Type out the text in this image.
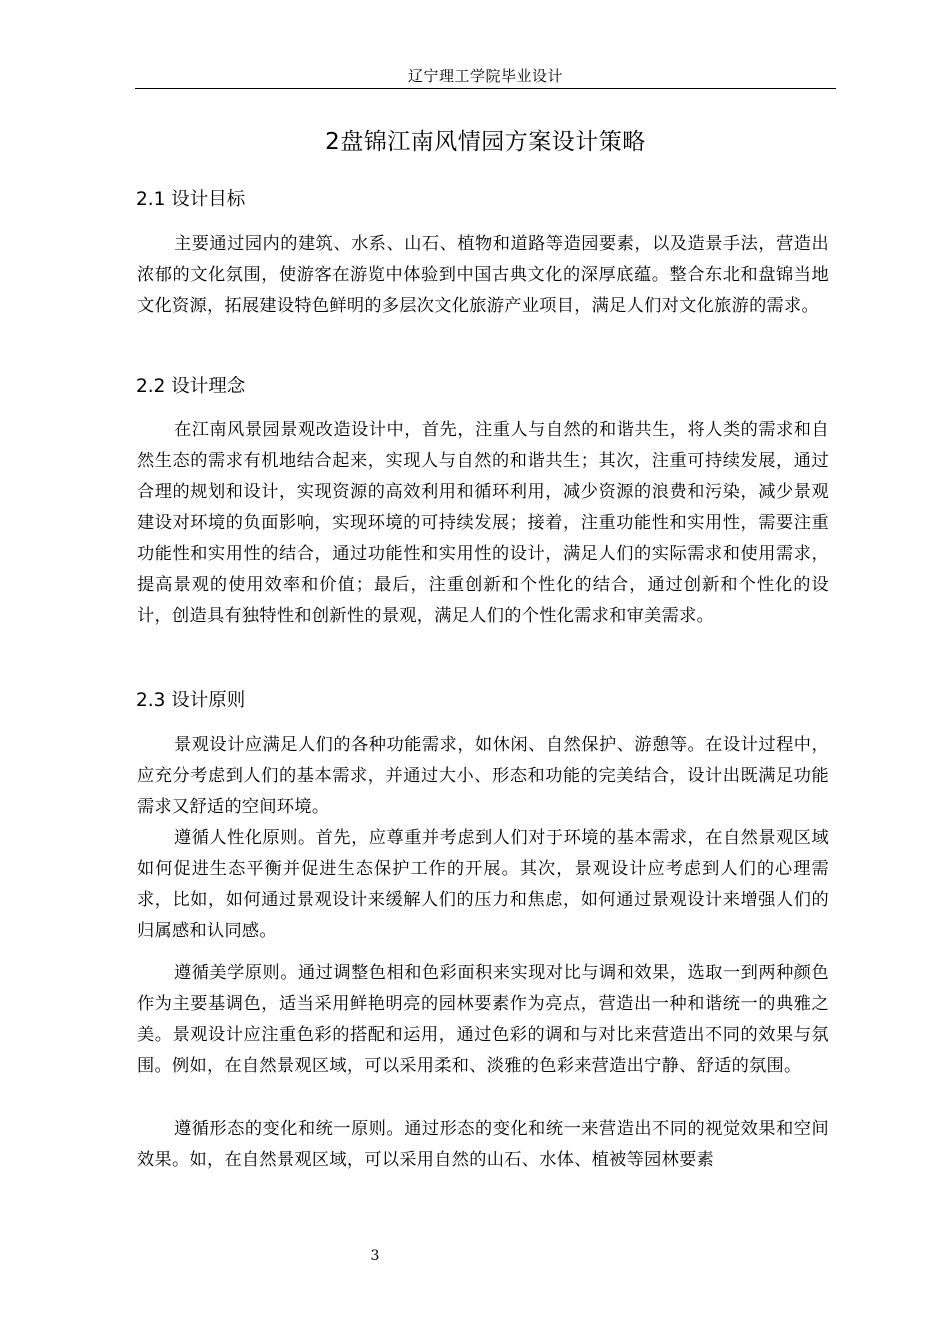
辽宁理工学院毕业设计
2盘锦江南风情园方案设计策略
2.1 设计目标

主要通过园内的建筑、水系、山石、植物和道路等造园要素，以及造景手法，营造出浓郁的文化氛围，使游客在游览中体验到中国古典文化的深厚底蕴。整合东北和盘锦当地文化资源，拓展建设特色鲜明的多层次文化旅游产业项目，满足人们对文化旅游的需求。

2.2 设计理念

在江南风景园景观改造设计中，首先，注重人与自然的和谐共生，将人类的需求和自然生态的需求有机地结合起来，实现人与自然的和谐共生；其次，注重可持续发展，通过合理的规划和设计，实现资源的高效利用和循环利用，减少资源的浪费和污染，减少景观建设对环境的负面影响，实现环境的可持续发展；接着，注重功能性和实用性，需要注重功能性和实用性的结合，通过功能性和实用性的设计，满足人们的实际需求和使用需求，提高景观的使用效率和价值；最后，注重创新和个性化的结合，通过创新和个性化的设计，创造具有独特性和创新性的景观，满足人们的个性化需求和审美需求。

2.3 设计原则

景观设计应满足人们的各种功能需求，如休闲、自然保护、游憩等。在设计过程中，应充分考虑到人们的基本需求，并通过大小、形态和功能的完美结合，设计出既满足功能需求又舒适的空间环境。

遵循人性化原则。首先，应尊重并考虑到人们对于环境的基本需求，在自然景观区域如何促进生态平衡并促进生态保护工作的开展。其次，景观设计应考虑到人们的心理需求，比如，如何通过景观设计来缓解人们的压力和焦虑，如何通过景观设计来增强人们的归属感和认同感。

遵循美学原则。通过调整色相和色彩面积来实现对比与调和效果，选取一到两种颜色作为主要基调色，适当采用鲜艳明亮的园林要素作为亮点，营造出一种和谐统一的典雅之美。景观设计应注重色彩的搭配和运用，通过色彩的调和与对比来营造出不同的效果与氛围。例如，在自然景观区域，可以采用柔和、淡雅的色彩来营造出宁静、舒适的氛围。

遵循形态的变化和统一原则。通过形态的变化和统一来营造出不同的视觉效果和空间效果。如，在自然景观区域，可以采用自然的山石、水体、植被等园林要素

3
